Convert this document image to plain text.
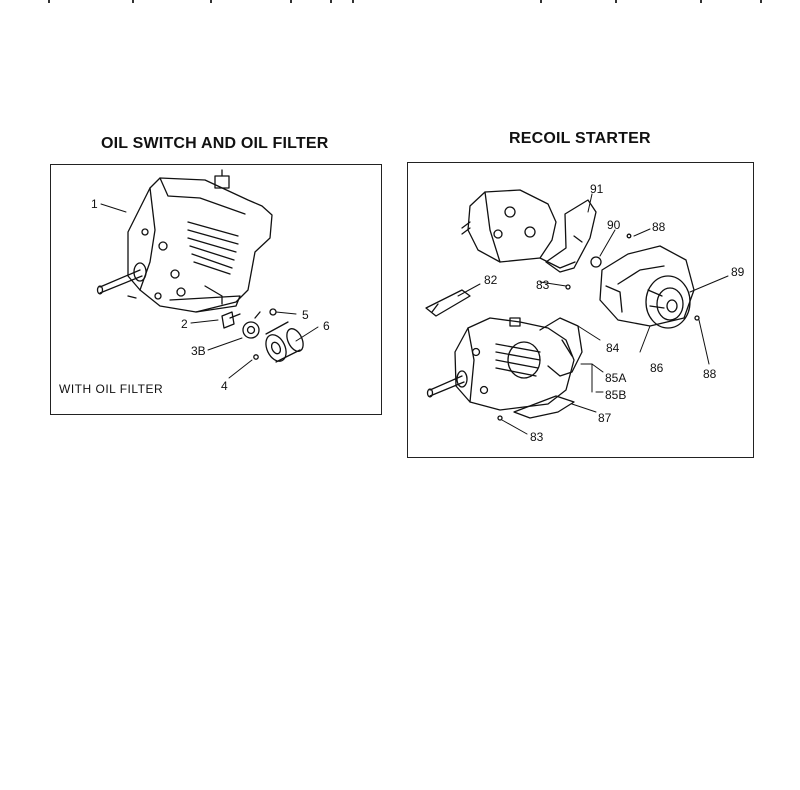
OIL SWITCH AND OIL FILTER	RECOIL STARTER
1
2
3B
4
5
6
WITH OIL FILTER
91
90	88
89
82	83
84
85A
85B
86
87
83
88
